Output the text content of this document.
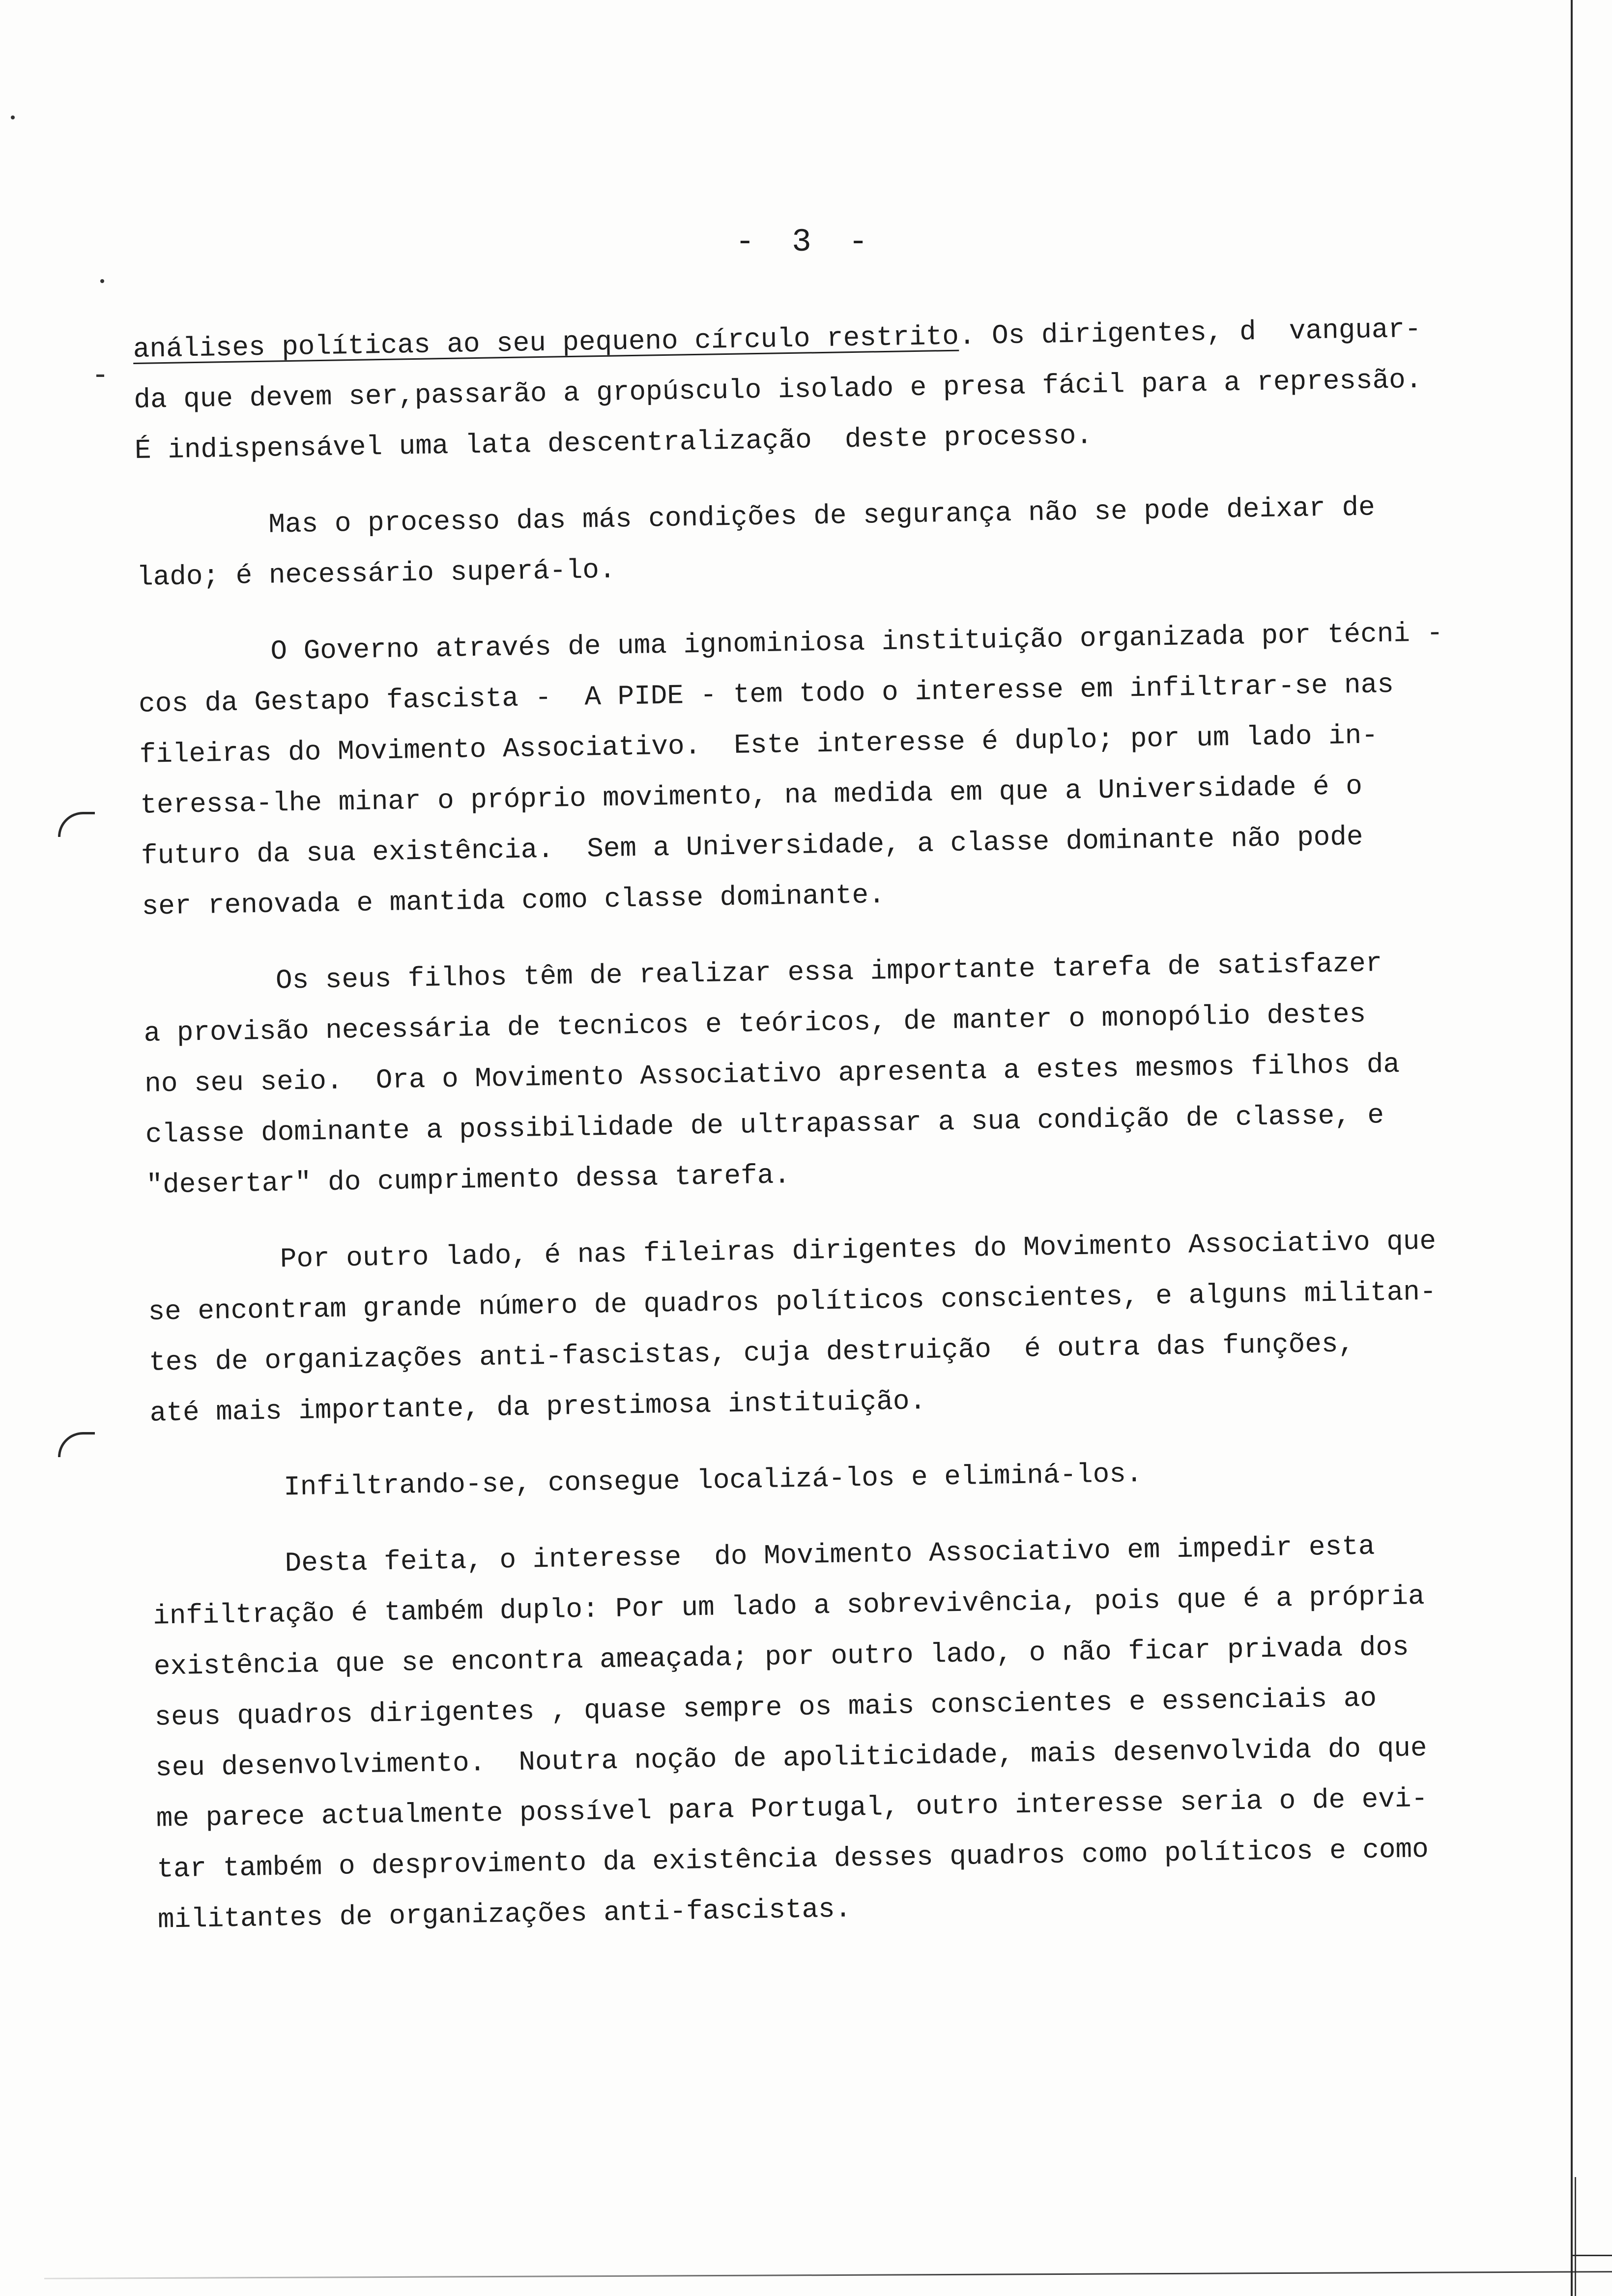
- 3 -
análises políticas ao seu pequeno círculo restrito. Os dirigentes, d  vanguar-
da que devem ser,passarão a gropúsculo isolado e presa fácil para a repressão.
É indispensável uma lata descentralização  deste processo.
Mas o processo das más condições de segurança não se pode deixar de
lado; é necessário superá-lo.
O Governo através de uma ignominiosa instituição organizada por técni -
cos da Gestapo fascista -  A PIDE - tem todo o interesse em infiltrar-se nas
fileiras do Movimento Associativo.  Este interesse é duplo; por um lado in-
teressa-lhe minar o próprio movimento, na medida em que a Universidade é o
futuro da sua existência.  Sem a Universidade, a classe dominante não pode
ser renovada e mantida como classe dominante.
Os seus filhos têm de realizar essa importante tarefa de satisfazer
a provisão necessária de tecnicos e teóricos, de manter o monopólio destes
no seu seio.  Ora o Movimento Associativo apresenta a estes mesmos filhos da
classe dominante a possibilidade de ultrapassar a sua condição de classe, e
"desertar" do cumprimento dessa tarefa.
Por outro lado, é nas fileiras dirigentes do Movimento Associativo que
se encontram grande número de quadros políticos conscientes, e alguns militan-
tes de organizações anti-fascistas, cuja destruição  é outra das funções,
até mais importante, da prestimosa instituição.
Infiltrando-se, consegue localizá-los e eliminá-los.
Desta feita, o interesse  do Movimento Associativo em impedir esta
infiltração é também duplo: Por um lado a sobrevivência, pois que é a própria
existência que se encontra ameaçada; por outro lado, o não ficar privada dos
seus quadros dirigentes , quase sempre os mais conscientes e essenciais ao
seu desenvolvimento.  Noutra noção de apoliticidade, mais desenvolvida do que
me parece actualmente possível para Portugal, outro interesse seria o de evi-
tar também o desprovimento da existência desses quadros como políticos e como
militantes de organizações anti-fascistas.
